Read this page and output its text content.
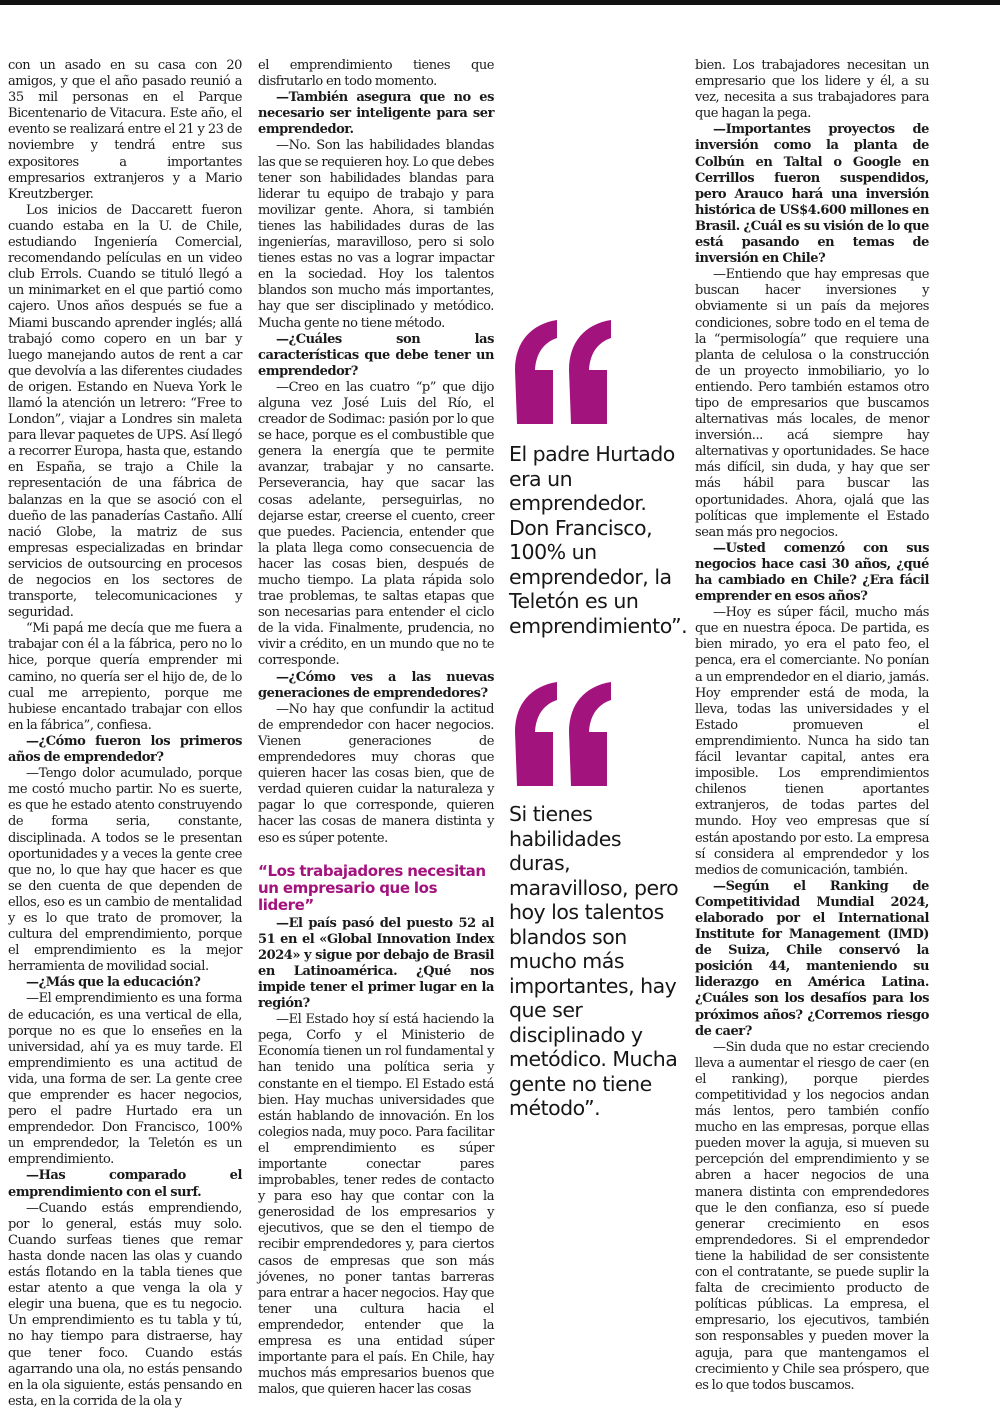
con un asado en su casa con 20 amigos, y que el año pasado reunió a 35 mil personas en el Parque Bicentenario de Vitacura. Este año, el evento se realizará entre el 21 y 23 de noviembre y tendrá entre sus expositores a importantes empresarios extranjeros y a Mario Kreutzberger.

Los inicios de Daccarett fueron cuando estaba en la U. de Chile, estudiando Ingeniería Comercial, recomendando películas en un video club Errols. Cuando se tituló llegó a un minimarket en el que partió como cajero. Unos años después se fue a Miami buscando aprender inglés; allá trabajó como copero en un bar y luego manejando autos de rent a car que devolvía a las diferentes ciudades de origen. Estando en Nueva York le llamó la atención un letrero: “Free to London”, viajar a Londres sin maleta para llevar paquetes de UPS. Así llegó a recorrer Europa, hasta que, estando en España, se trajo a Chile la representación de una fábrica de balanzas en la que se asoció con el dueño de las panaderías Castaño. Allí nació Globe, la matriz de sus empresas especializadas en brindar servicios de outsourcing en procesos de negocios en los sectores de transporte, telecomunicaciones y seguridad.

“Mi papá me decía que me fuera a trabajar con él a la fábrica, pero no lo hice, porque quería emprender mi camino, no quería ser el hijo de, de lo cual me arrepiento, porque me hubiese encantado trabajar con ellos en la fábrica”, confiesa.

— ¿Cómo fueron los primeros años de emprendedor?

— Tengo dolor acumulado, porque me costó mucho partir. No es suerte, es que he estado atento construyendo de forma seria, constante, disciplinada. A todos se le presentan oportunidades y a veces la gente cree que no, lo que hay que hacer es que se den cuenta de que dependen de ellos, eso es un cambio de mentalidad y es lo que trato de promover, la cultura del emprendimiento, porque el emprendimiento es la mejor herramienta de movilidad social.

— ¿Más que la educación?

— El emprendimiento es una forma de educación, es una vertical de ella, porque no es que lo enseñes en la universidad, ahí ya es muy tarde. El emprendimiento es una actitud de vida, una forma de ser. La gente cree que emprender es hacer negocios, pero el padre Hurtado era un emprendedor. Don Francisco, 100% un emprendedor, la Teletón es un emprendimiento.

— Has comparado el emprendimiento con el surf.

— Cuando estás emprendiendo, por lo general, estás muy solo. Cuando surfeas tienes que remar hasta donde nacen las olas y cuando estás flotando en la tabla tienes que estar atento a que venga la ola y elegir una buena, que es tu negocio. Un emprendimiento es tu tabla y tú, no hay tiempo para distraerse, hay que tener foco. Cuando estás agarrando una ola, no estás pensando en la ola siguiente, estás pensando en esta, en la corrida de la ola y

el emprendimiento tienes que disfrutarlo en todo momento.

— También asegura que no es necesario ser inteligente para ser emprendedor.

— No. Son las habilidades blandas las que se requieren hoy. Lo que debes tener son habilidades blandas para liderar tu equipo de trabajo y para movilizar gente. Ahora, si también tienes las habilidades duras de las ingenierías, maravilloso, pero si solo tienes estas no vas a lograr impactar en la sociedad. Hoy los talentos blandos son mucho más importantes, hay que ser disciplinado y metódico. Mucha gente no tiene método.

— ¿Cuáles son las características que debe tener un emprendedor?

— Creo en las cuatro “p” que dijo alguna vez José Luis del Río, el creador de Sodimac: pasión por lo que se hace, porque es el combustible que genera la energía que te permite avanzar, trabajar y no cansarte. Perseverancia, hay que sacar las cosas adelante, perseguirlas, no dejarse estar, creerse el cuento, creer que puedes. Paciencia, entender que la plata llega como consecuencia de hacer las cosas bien, después de mucho tiempo. La plata rápida solo trae problemas, te saltas etapas que son necesarias para entender el ciclo de la vida. Finalmente, prudencia, no vivir a crédito, en un mundo que no te corresponde.

— ¿Cómo ves a las nuevas generaciones de emprendedores?

— No hay que confundir la actitud de emprendedor con hacer negocios. Vienen generaciones de emprendedores muy choras que quieren hacer las cosas bien, que de verdad quieren cuidar la naturaleza y pagar lo que corresponde, quieren hacer las cosas de manera distinta y eso es súper potente.

“Los trabajadores necesitan un empresario que los lidere”

— El país pasó del puesto 52 al 51 en el «Global Innovation Index 2024» y sigue por debajo de Brasil en Latinoamérica. ¿Qué nos impide tener el primer lugar en la región?

— El Estado hoy sí está haciendo la pega, Corfo y el Ministerio de Economía tienen un rol fundamental y han tenido una política seria y constante en el tiempo. El Estado está bien. Hay muchas universidades que están hablando de innovación. En los colegios nada, muy poco. Para facilitar el emprendimiento es súper importante conectar pares improbables, tener redes de contacto y para eso hay que contar con la generosidad de los empresarios y ejecutivos, que se den el tiempo de recibir emprendedores y, para ciertos casos de empresas que son más jóvenes, no poner tantas barreras para entrar a hacer negocios. Hay que tener una cultura hacia el emprendedor, entender que la empresa es una entidad súper importante para el país. En Chile, hay muchos más empresarios buenos que malos, que quieren hacer las cosas

bien. Los trabajadores necesitan un empresario que los lidere y él, a su vez, necesita a sus trabajadores para que hagan la pega.

— Importantes proyectos de inversión como la planta de Colbún en Taltal o Google en Cerrillos fueron suspendidos, pero Arauco hará una inversión histórica de US$4.600 millones en Brasil. ¿Cuál es su visión de lo que está pasando en temas de inversión en Chile?

— Entiendo que hay empresas que buscan hacer inversiones y obviamente si un país da mejores condiciones, sobre todo en el tema de la “permisología” que requiere una planta de celulosa o la construcción de un proyecto inmobiliario, yo lo entiendo. Pero también estamos otro tipo de empresarios que buscamos alternativas más locales, de menor inversión... acá siempre hay alternativas y oportunidades. Se hace más difícil, sin duda, y hay que ser más hábil para buscar las oportunidades. Ahora, ojalá que las políticas que implemente el Estado sean más pro negocios.

— Usted comenzó con sus negocios hace casi 30 años, ¿qué ha cambiado en Chile? ¿Era fácil emprender en esos años?

— Hoy es súper fácil, mucho más que en nuestra época. De partida, es bien mirado, yo era el pato feo, el penca, era el comerciante. No ponían a un emprendedor en el diario, jamás. Hoy emprender está de moda, la lleva, todas las universidades y el Estado promueven el emprendimiento. Nunca ha sido tan fácil levantar capital, antes era imposible. Los emprendimientos chilenos tienen aportantes extranjeros, de todas partes del mundo. Hoy veo empresas que sí están apostando por esto. La empresa sí considera al emprendedor y los medios de comunicación, también.

— Según el Ranking de Competitividad Mundial 2024, elaborado por el International Institute for Management (IMD) de Suiza, Chile conservó la posición 44, manteniendo su liderazgo en América Latina. ¿Cuáles son los desafíos para los próximos años? ¿Corremos riesgo de caer?

— Sin duda que no estar creciendo lleva a aumentar el riesgo de caer (en el ranking), porque pierdes competitividad y los negocios andan más lentos, pero también confío mucho en las empresas, porque ellas pueden mover la aguja, si mueven su percepción del emprendimiento y se abren a hacer negocios de una manera distinta con emprendedores que le den confianza, eso sí puede generar crecimiento en esos emprendedores. Si el emprendedor tiene la habilidad de ser consistente con el contratante, se puede suplir la falta de crecimiento producto de políticas públicas. La empresa, el empresario, los ejecutivos, también son responsables y pueden mover la aguja, para que mantengamos el crecimiento y Chile sea próspero, que es lo que todos buscamos.

El padre Hurtado era un emprendedor. Don Francisco, 100% un emprendedor, la Teletón es un emprendimiento”.
Si tienes habilidades duras, maravilloso, pero hoy los talentos blandos son mucho más importantes, hay que ser disciplinado y metódico. Mucha gente no tiene método”.
